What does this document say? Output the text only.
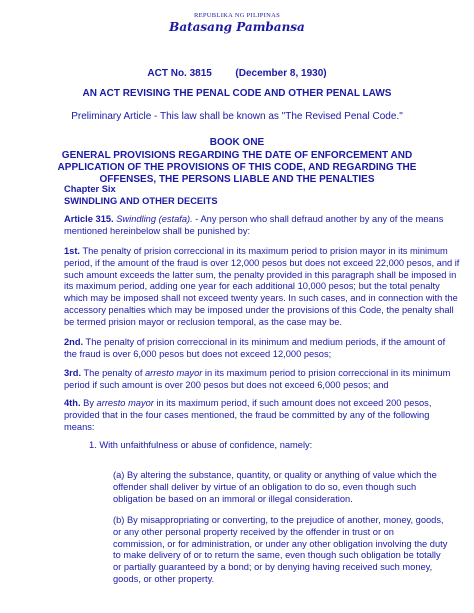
REPUBLIKA NG PILIPINAS
Batasang Pambansa
ACT No. 3815 (December 8, 1930)
AN ACT REVISING THE PENAL CODE AND OTHER PENAL LAWS
Preliminary Article - This law shall be known as "The Revised Penal Code."
BOOK ONE
GENERAL PROVISIONS REGARDING THE DATE OF ENFORCEMENT AND
APPLICATION OF THE PROVISIONS OF THIS CODE, AND REGARDING THE
OFFENSES, THE PERSONS LIABLE AND THE PENALTIES
Chapter Six
SWINDLING AND OTHER DECEITS

Article 315. Swindling (estafa). - Any person who shall defraud another by any of the means

mentioned hereinbelow shall be punished by:

1st. The penalty of prision correccional in its maximum period to prision mayor in its minimum

period, if the amount of the fraud is over 12,000 pesos but does not exceed 22,000 pesos, and if

such amount exceeds the latter sum, the penalty provided in this paragraph shall be imposed in

its maximum period, adding one year for each additional 10,000 pesos; but the total penalty

which may be imposed shall not exceed twenty years. In such cases, and in connection with the

accessory penalties which may be imposed under the provisions of this Code, the penalty shall

be termed prision mayor or reclusion temporal, as the case may be.

2nd. The penalty of prision correccional in its minimum and medium periods, if the amount of

the fraud is over 6,000 pesos but does not exceed 12,000 pesos;

3rd. The penalty of arresto mayor in its maximum period to prision correccional in its minimum

period if such amount is over 200 pesos but does not exceed 6,000 pesos; and

4th. By arresto mayor in its maximum period, if such amount does not exceed 200 pesos,

provided that in the four cases mentioned, the fraud be committed by any of the following

means:

1. With unfaithfulness or abuse of confidence, namely:

(a) By altering the substance, quantity, or quality or anything of value which the

offender shall deliver by virtue of an obligation to do so, even though such

obligation be based on an immoral or illegal consideration.

(b) By misappropriating or converting, to the prejudice of another, money, goods,

or any other personal property received by the offender in trust or on

commission, or for administration, or under any other obligation involving the duty

to make delivery of or to return the same, even though such obligation be totally

or partially guaranteed by a bond; or by denying having received such money,

goods, or other property.
